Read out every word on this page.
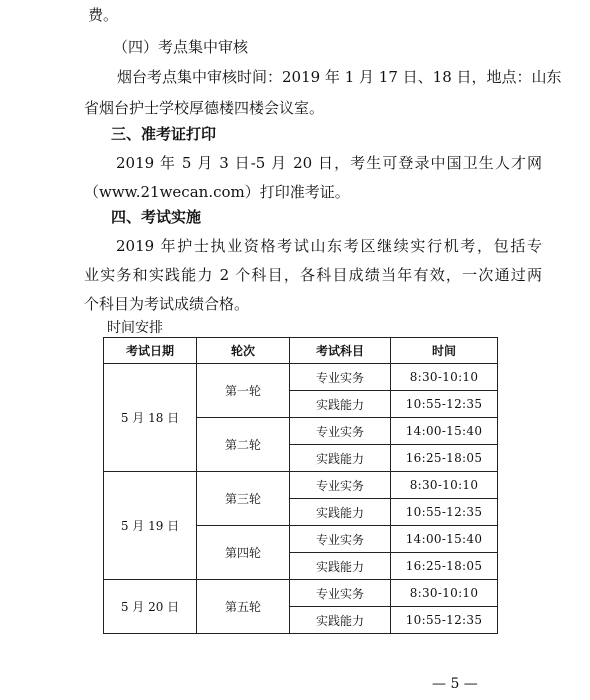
费。
（四）考点集中审核
烟台考点集中审核时间：2019 年 1 月 17 日、18 日，地点：山东
省烟台护士学校厚德楼四楼会议室。
三、准考证打印
2019 年 5 月 3 日-5 月 20 日，考生可登录中国卫生人才网
（www.21wecan.com）打印准考证。
四、考试实施
2019 年护士执业资格考试山东考区继续实行机考，包括专
业实务和实践能力 2 个科目，各科目成绩当年有效，一次通过两
个科目为考试成绩合格。
时间安排
考试日期	轮次	考试科目	时间
5 月 18 日	第一轮	专业实务	8:30-10:10
		实践能力	10:55-12:35
	第二轮	专业实务	14:00-15:40
		实践能力	16:25-18:05
5 月 19 日	第三轮	专业实务	8:30-10:10
		实践能力	10:55-12:35
	第四轮	专业实务	14:00-15:40
		实践能力	16:25-18:05
5 月 20 日	第五轮	专业实务	8:30-10:10
		实践能力	10:55-12:35
— 5 —
